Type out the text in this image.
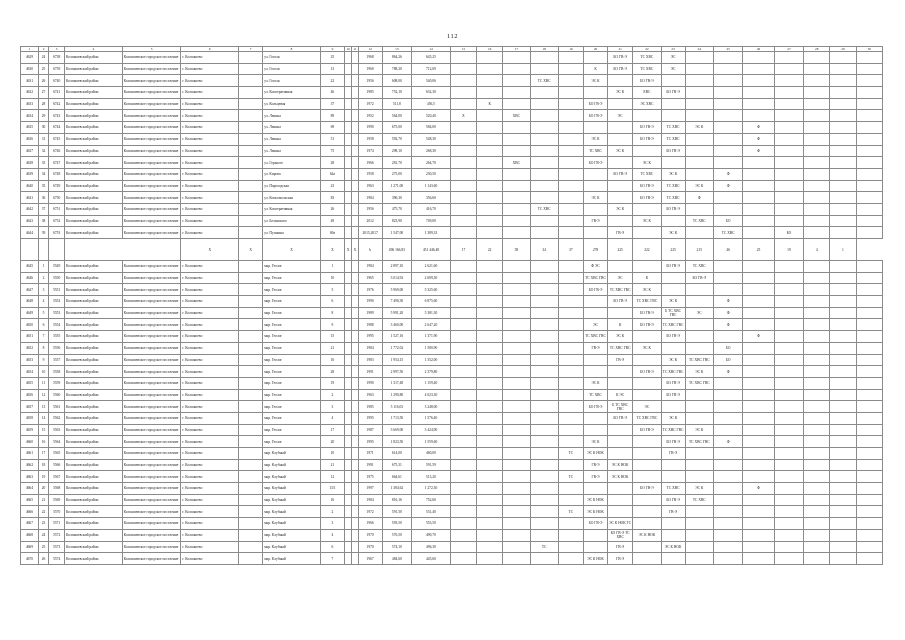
112
1	2	3	4	5	6	7	8	9	10	11	12	13	14	15	16	17	18	19	20	21	22	23	24	25	26	27	28	29	30
4629	24	6738	Колпашевский район	Колпашевское городское поселение	г. Колпашево		ул. Гоголя	25			1968	864,26	645,25							БО ГВ-Э	ТС ХВС	ЭС							
4630	25	6739	Колпашевский район	Колпашевское городское поселение	г. Колпашево		ул. Гоголя	13			1960	788,20	712,69						К	БО ГВ-Э	ТС ХВС	ЭС							
4631	26	6740	Колпашевский район	Колпашевское городское поселение	г. Колпашево		ул. Гоголя	22			1956	608,00	540,06				ТС ХВС		ЭС К		БО ГВ-Э								
4632	27	6741	Колпашевский район	Колпашевское городское поселение	г. Колпашево		ул. Кооперативная	46			1985	752,10	632,30							ЭС К	ЕВС	БО ГВ-Э							
4633	28	6742	Колпашевский район	Колпашевское городское поселение	г. Колпашево		ул. Кольцевая	37			1972	511,8	456,5		К				БО ГВ-Э		ЭС ХВС								
4634	29	6743	Колпашевский район	Колпашевское городское поселение	г. Колпашево		ул. Ленина	89			1952	564,00	520,40	X		ХВС			БО ГВ-Э	ЭС									
4635	30	6744	Колпашевский район	Колпашевское городское поселение	г. Колпашево		ул. Ленина	69			1990	675,00	584,00								БО ГВ-Э	ТС ХВС	ЭС К		Ф				
4636	31	6745	Колпашевский район	Колпашевское городское поселение	г. Колпашево		ул. Ленина	51			1958	592,70	548,30						ЭС К		БО ГВ-Э	ТС ХВС			Ф				
4637	32	6746	Колпашевский район	Колпашевское городское поселение	г. Колпашево		ул. Ленина	75			1974	298,10	268,30						ТС ХВС	ЭС К		БО ГВ-Э			Ф				
4638	33	6747	Колпашевский район	Колпашевское городское поселение	г. Колпашево		ул. Горького	28			1966	281,70	264,70			ХВС			БО ГВ-Э		ЭС К								
4639	34	6748	Колпашевский район	Колпашевское городское поселение	г. Колпашево		ул. Кирова	64а			1958	275,00	230,50							БО ГВ-Э	ТС ХВС	ЭС К		Ф					
4640	35	6749	Колпашевский район	Колпашевское городское поселение	г. Колпашево		ул. Пароходская	23			1963	1 271,00	1 143,60								БО ГВ-Э	ТС ХВС	ЭС К	Ф					
4641	36	6750	Колпашевский район	Колпашевское городское поселение	г. Колпашево		ул. Комсомольская	83			1984	396,30	356,60						ЭС К		БО ГВ-Э	ТС ХВС	Ф						
4642	37	6751	Колпашевский район	Колпашевское городское поселение	г. Колпашево		ул. Кооперативная	26			1956	475,70	416,70				ТС ХВС			ЭС К		БО ГВ-Э							
4643	38	6752	Колпашевский район	Колпашевское городское поселение	г. Колпашево		ул. Белинского	49			2012	823,90	749,00						ГВ-Э		ЭС К		ТС ХВС	БО					
4644	39	6753	Колпашевский район	Колпашевское городское поселение	г. Колпашево		ул. Пушкина	69а			2015,2017	1 547,00	1 389,33							ГВ-Э		ЭС К		ТС ХВС		БО			
					X	X	X	X	X	X	h	496 166,83	451 446,48	17	22	58	34	37	278	225	222	225	215	46	25	19	4	1	
4645	1	5549	Колпашевский район	Колпашевское городское поселение	г. Колпашево		мкр. Геолог	1			1984	2 897,10	2 621,60						Ф ЭС			БО ГВ-Э	ТС ХВС						
4646	2	5550	Колпашевский район	Колпашевское городское поселение	г. Колпашево		мкр. Геолог	10			1965	3 014,92	2 609,30						ТС ХВС ГВС	ЭС	К		БО ГВ-Э						
4647	3	5551	Колпашевский район	Колпашевское городское поселение	г. Колпашево		мкр. Геолог	5			1976	5 969,00	5 325,60						БО ГВ-Э	ТС ХВС ГВС	ЭС К								
4648	4	5552	Колпашевский район	Колпашевское городское поселение	г. Колпашево		мкр. Геолог	6			1990	7 490,30	6 875,60							БО ГВ-Э	ТС ХВС ГВС	ЭС К		Ф					
4649	5	5553	Колпашевский район	Колпашевское городское поселение	г. Колпашево		мкр. Геолог	8			1989	5 991,20	5 381,30								БО ГВ-Э	Б ТС ХВС ГВС	ЭС	Ф					
4650	6	5554	Колпашевский район	Колпашевское городское поселение	г. Колпашево		мкр. Геолог	9			1988	3 460,00	2 647,20						ЭС	К	БО ГВ-Э	ТС ХВС ГВС		Ф					
4651	7	5555	Колпашевский район	Колпашевское городское поселение	г. Колпашево		мкр. Геолог	15			1995	1 527,16	1 371,90						ТС ХВС ГВС	ЭС К		БО ГВ-Э			Ф				
4652	8	5556	Колпашевский район	Колпашевское городское поселение	г. Колпашево		мкр. Геолог	21			1984	1 772,02	1 580,90						ГВ-Э	ТС ХВС ГВС	ЭС К			БО					
4653	9	5557	Колпашевский район	Колпашевское городское поселение	г. Колпашево		мкр. Геолог	16			1983	1 954,15	1 552,00							ГВ-Э		ЭС К	ТС ХВС ГВС	БО					
4654	10	5558	Колпашевский район	Колпашевское городское поселение	г. Колпашево		мкр. Геолог	28			1991	2 997,50	2 379,80								БО ГВ-Э	ТС ХВС ГВС	ЭС К	Ф					
4655	11	5559	Колпашевский район	Колпашевское городское поселение	г. Колпашево		мкр. Геолог	19			1990	1 317,48	1 159,40						ЭС К			БО ГВ-Э	ТС ХВС ГВС						
4656	12	5560	Колпашевский район	Колпашевское городское поселение	г. Колпашево		мкр. Геолог	2			1963	1 290,80	4 023,30						ТС ХВС	К ЭС		БО ГВ-Э							
4657	13	5561	Колпашевский район	Колпашевское городское поселение	г. Колпашево		мкр. Геолог	3			1985	5 116,03	3 248,00						БО ГВ-Э	Б ТС ХВС ГВС	ЭС								
4658	14	5562	Колпашевский район	Колпашевское городское поселение	г. Колпашево		мкр. Геолог	4			1995	1 713,50	1 576,40							БО ГВ-Э	ТС ХВС ГВС	ЭС К							
4659	15	5563	Колпашевский район	Колпашевское городское поселение	г. Колпашево		мкр. Геолог	17			1987	3 669,00	3 424,90								БО ГВ-Э	ТС ХВС ГВС	ЭС К						
4660	16	5564	Колпашевский район	Колпашевское городское поселение	г. Колпашево		мкр. Геолог	20			1995	1 823,50	1 559,60						ЭС К			БО ГВ-Э	ТС ХВС ГВС	Ф					
4661	17	5565	Колпашевский район	Колпашевское городское поселение	г. Колпашево		мкр. Клубный	10			1971	614,00	460,00					ТС	ЭС К НОК			ГВ-Э							
4662	18	5566	Колпашевский район	Колпашевское городское поселение	г. Колпашево		мкр. Клубный	21			1991	675,31	591,59						ГВ-Э	ЭС К НОК									
4663	19	5567	Колпашевский район	Колпашевское городское поселение	г. Колпашево		мкр. Клубный	12			1975	664,61	513,20					ТС	ГВ-Э	ЭС К НОК									
4664	20	5568	Колпашевский район	Колпашевское городское поселение	г. Колпашево		мкр. Клубный	13/1			1997	1 384,62	1 272,30								БО ГВ-Э	ТС ХВС	ЭС К		Ф				
4665	21	5569	Колпашевский район	Колпашевское городское поселение	г. Колпашево		мкр. Клубный	16			1984	816,16	752,60						ЭС К НОК			БО ГВ-Э	ТС ХВС						
4666	22	5570	Колпашевский район	Колпашевское городское поселение	г. Колпашево		мкр. Клубный	2			1972	591,50	531,40					ТС	ЭС К НОК			ГВ-Э							
4667	23	5571	Колпашевский район	Колпашевское городское поселение	г. Колпашево		мкр. Клубный	3			1966	593,50	553,50						БО ГВ-Э	ЭС К НОК ТС									
4668	24	5572	Колпашевский район	Колпашевское городское поселение	г. Колпашево		мкр. Клубный	4			1970	576,50	490,70							БО ГВ-Э ТС ХВС	ЭС К НОК								
4669	25	5573	Колпашевский район	Колпашевское городское поселение	г. Колпашево		мкр. Клубный	6			1970	574,10	496,30				ТС			ГВ-Э		ЭС К НОК							
4670	26	5574	Колпашевский район	Колпашевское городское поселение	г. Колпашево		мкр. Клубный	7			1967	484,60	445,60						ЭС К НОК	ГВ-Э									
